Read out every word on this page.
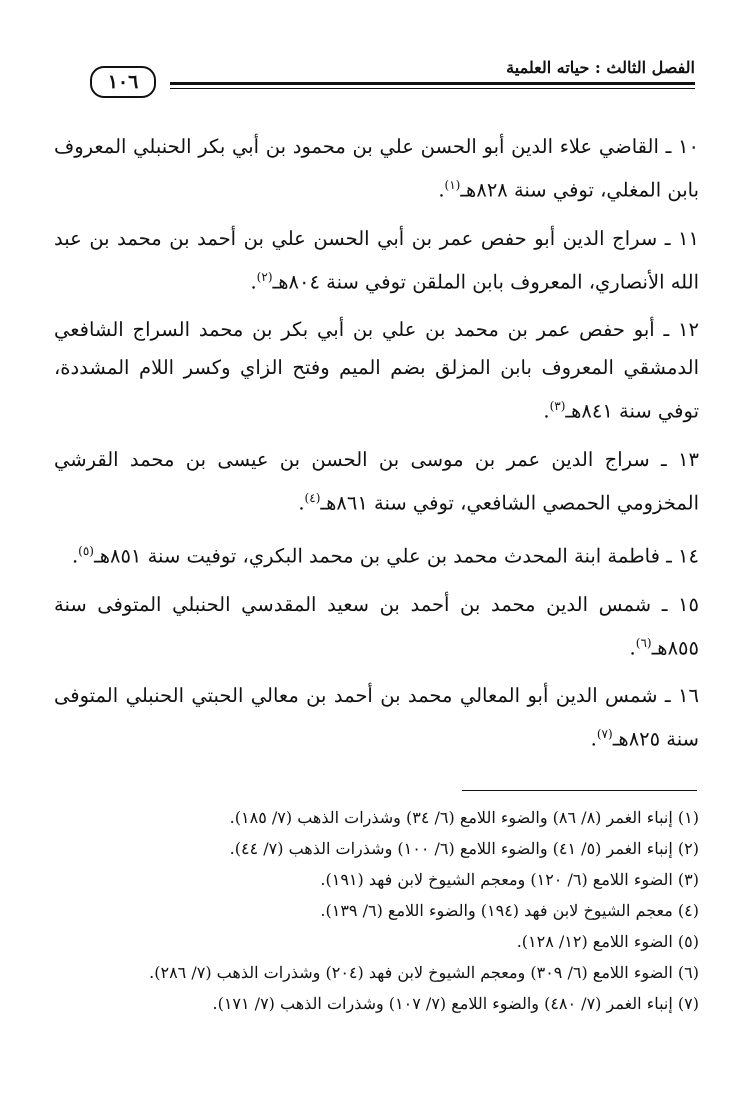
الفصل الثالث : حياته العلمية
١٠٦

١٠ ـ القاضي علاء الدين أبو الحسن علي بن محمود بن أبي بكر الحنبلي المعروف بابن المغلي، توفي سنة ٨٢٨هـ$^{(١)}$.

١١ ـ سراج الدين أبو حفص عمر بن أبي الحسن علي بن أحمد بن محمد بن عبد الله الأنصاري، المعروف بابن الملقن توفي سنة ٨٠٤هـ$^{(٢)}$.

١٢ ـ أبو حفص عمر بن محمد بن علي بن أبي بكر بن محمد السراج الشافعي الدمشقي المعروف بابن المزلق بضم الميم وفتح الزاي وكسر اللام المشددة، توفي سنة ٨٤١هـ$^{(٣)}$.

١٣ ـ سراج الدين عمر بن موسى بن الحسن بن عيسى بن محمد القرشي المخزومي الحمصي الشافعي، توفي سنة ٨٦١هـ$^{(٤)}$.

١٤ ـ فاطمة ابنة المحدث محمد بن علي بن محمد البكري، توفيت سنة ٨٥١هـ$^{(٥)}$.

١٥ ـ شمس الدين محمد بن أحمد بن سعيد المقدسي الحنبلي المتوفى سنة ٨٥٥هـ$^{(٦)}$.

١٦ ـ شمس الدين أبو المعالي محمد بن أحمد بن معالي الحبتي الحنبلي المتوفى سنة ٨٢٥هـ$^{(٧)}$.

(١) إنباء الغمر (٨/ ٨٦) والضوء اللامع (٦/ ٣٤) وشذرات الذهب (٧/ ١٨٥).

(٢) إنباء الغمر (٥/ ٤١) والضوء اللامع (٦/ ١٠٠) وشذرات الذهب (٧/ ٤٤).

(٣) الضوء اللامع (٦/ ١٢٠) ومعجم الشيوخ لابن فهد (١٩١).

(٤) معجم الشيوخ لابن فهد (١٩٤) والضوء اللامع (٦/ ١٣٩).

(٥) الضوء اللامع (١٢/ ١٢٨).

(٦) الضوء اللامع (٦/ ٣٠٩) ومعجم الشيوخ لابن فهد (٢٠٤) وشذرات الذهب (٧/ ٢٨٦).

(٧) إنباء الغمر (٧/ ٤٨٠) والضوء اللامع (٧/ ١٠٧) وشذرات الذهب (٧/ ١٧١).
